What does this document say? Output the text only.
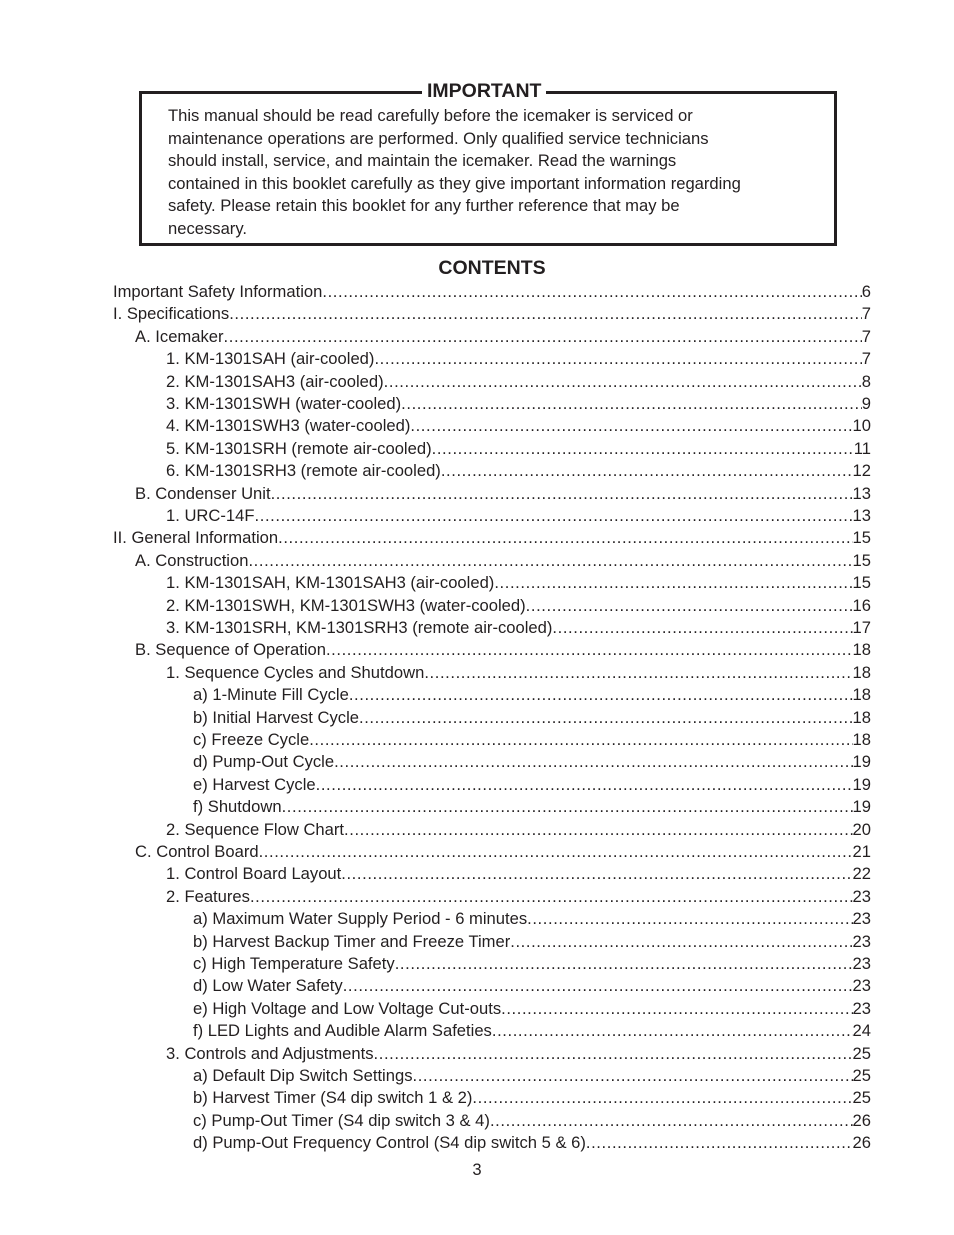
IMPORTANT

This manual should be read carefully before the icemaker is serviced or

maintenance operations are performed. Only qualified service technicians

should install, service, and maintain the icemaker. Read the warnings

contained in this booklet carefully as they give important information regarding

safety. Please retain this booklet for any further reference that may be

necessary.

CONTENTS
Important Safety Information .....	6
I. Specifications .....	7
A. Icemaker .....	7
1. KM-1301SAH (air-cooled) .....	7
2. KM-1301SAH3 (air-cooled) .....	8
3. KM-1301SWH (water-cooled) .....	9
4. KM-1301SWH3 (water-cooled) .....	10
5. KM-1301SRH (remote air-cooled) .....	11
6. KM-1301SRH3 (remote air-cooled) .....	12
B. Condenser Unit .....	13
1. URC-14F .....	13
II. General Information .....	15
A. Construction .....	15
1. KM-1301SAH, KM-1301SAH3 (air-cooled) .....	15
2. KM-1301SWH, KM-1301SWH3 (water-cooled) .....	16
3. KM-1301SRH, KM-1301SRH3 (remote air-cooled) .....	17
B. Sequence of Operation .....	18
1. Sequence Cycles and Shutdown .....	18
a) 1-Minute Fill Cycle .....	18
b) Initial Harvest Cycle .....	18
c) Freeze Cycle .....	18
d) Pump-Out Cycle .....	19
e) Harvest Cycle .....	19
f) Shutdown .....	19
2. Sequence Flow Chart .....	20
C. Control Board .....	21
1. Control Board Layout .....	22
2. Features .....	23
a) Maximum Water Supply Period - 6 minutes .....	23
b) Harvest Backup Timer and Freeze Timer .....	23
c) High Temperature Safety .....	23
d) Low Water Safety .....	23
e) High Voltage and Low Voltage Cut-outs .....	23
f) LED Lights and Audible Alarm Safeties .....	24
3. Controls and Adjustments .....	25
a) Default Dip Switch Settings .....	25
b) Harvest Timer (S4 dip switch 1 & 2) .....	25
c) Pump-Out Timer (S4 dip switch 3 & 4) .....	26
d) Pump-Out Frequency Control (S4 dip switch 5 & 6) .....	26
3
